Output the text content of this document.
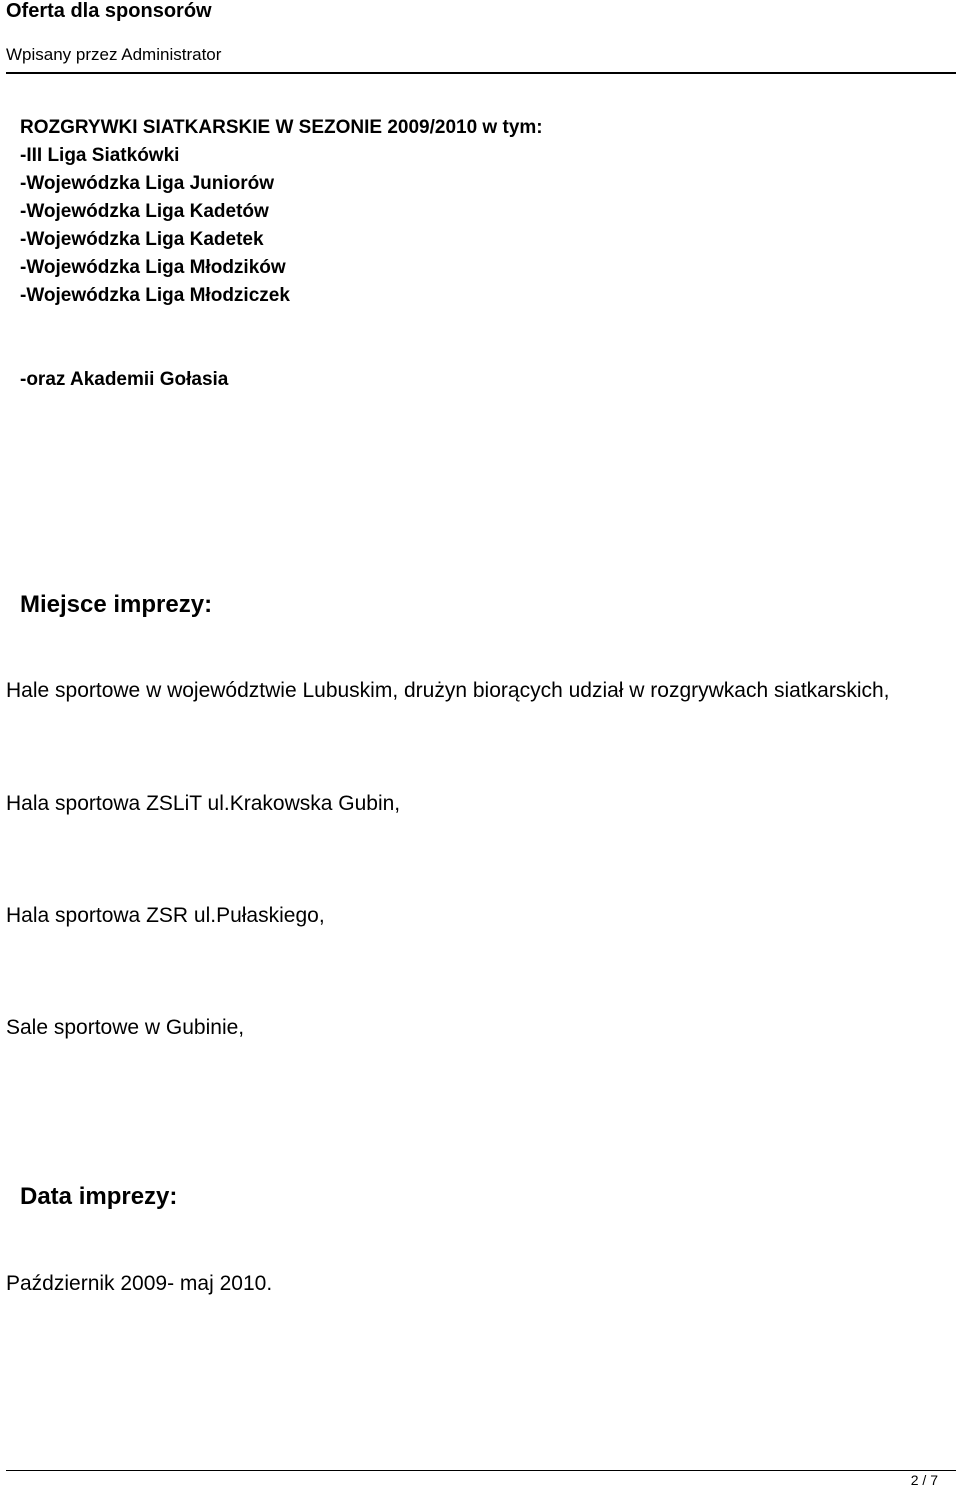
Oferta dla sponsorów
Wpisany przez Administrator
ROZGRYWKI SIATKARSKIE W SEZONIE 2009/2010 w tym:
-III Liga Siatkówki
-Wojewódzka Liga Juniorów
-Wojewódzka Liga Kadetów
-Wojewódzka Liga Kadetek
-Wojewódzka Liga Młodzików
-Wojewódzka Liga Młodziczek
-oraz Akademii Gołasia
Miejsce imprezy:
Hale sportowe w województwie Lubuskim, drużyn biorących udział w rozgrywkach siatkarskich,
Hala sportowa ZSLiT ul.Krakowska Gubin,
Hala sportowa ZSR ul.Pułaskiego,
Sale sportowe w Gubinie,
Data imprezy:
Październik 2009- maj 2010.
2 / 7
